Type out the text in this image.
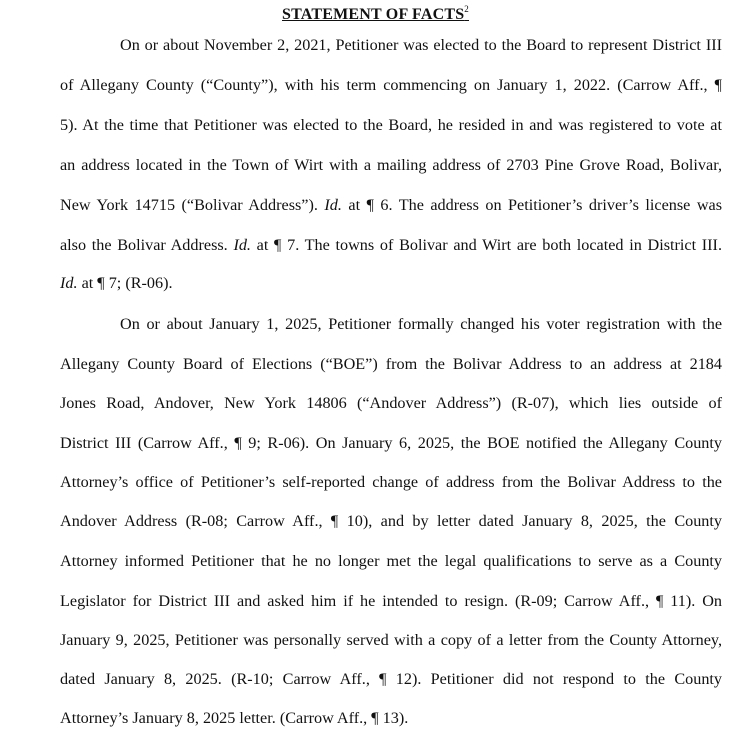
STATEMENT OF FACTS$^2$
On or about November 2, 2021, Petitioner was elected to the Board to represent District III
of Allegany County (“County”), with his term commencing on January 1, 2022. (Carrow Aff., ¶
5). At the time that Petitioner was elected to the Board, he resided in and was registered to vote at
an address located in the Town of Wirt with a mailing address of 2703 Pine Grove Road, Bolivar,
New York 14715 (“Bolivar Address”). Id. at ¶ 6. The address on Petitioner’s driver’s license was
also the Bolivar Address. Id. at ¶ 7. The towns of Bolivar and Wirt are both located in District III.
Id. at ¶ 7; (R-06).
On or about January 1, 2025, Petitioner formally changed his voter registration with the
Allegany County Board of Elections (“BOE”) from the Bolivar Address to an address at 2184
Jones Road, Andover, New York 14806 (“Andover Address”) (R-07), which lies outside of
District III (Carrow Aff., ¶ 9; R-06). On January 6, 2025, the BOE notified the Allegany County
Attorney’s office of Petitioner’s self-reported change of address from the Bolivar Address to the
Andover Address (R-08; Carrow Aff., ¶ 10), and by letter dated January 8, 2025, the County
Attorney informed Petitioner that he no longer met the legal qualifications to serve as a County
Legislator for District III and asked him if he intended to resign. (R-09; Carrow Aff., ¶ 11). On
January 9, 2025, Petitioner was personally served with a copy of a letter from the County Attorney,
dated January 8, 2025. (R-10; Carrow Aff., ¶ 12). Petitioner did not respond to the County
Attorney’s January 8, 2025 letter. (Carrow Aff., ¶ 13).
